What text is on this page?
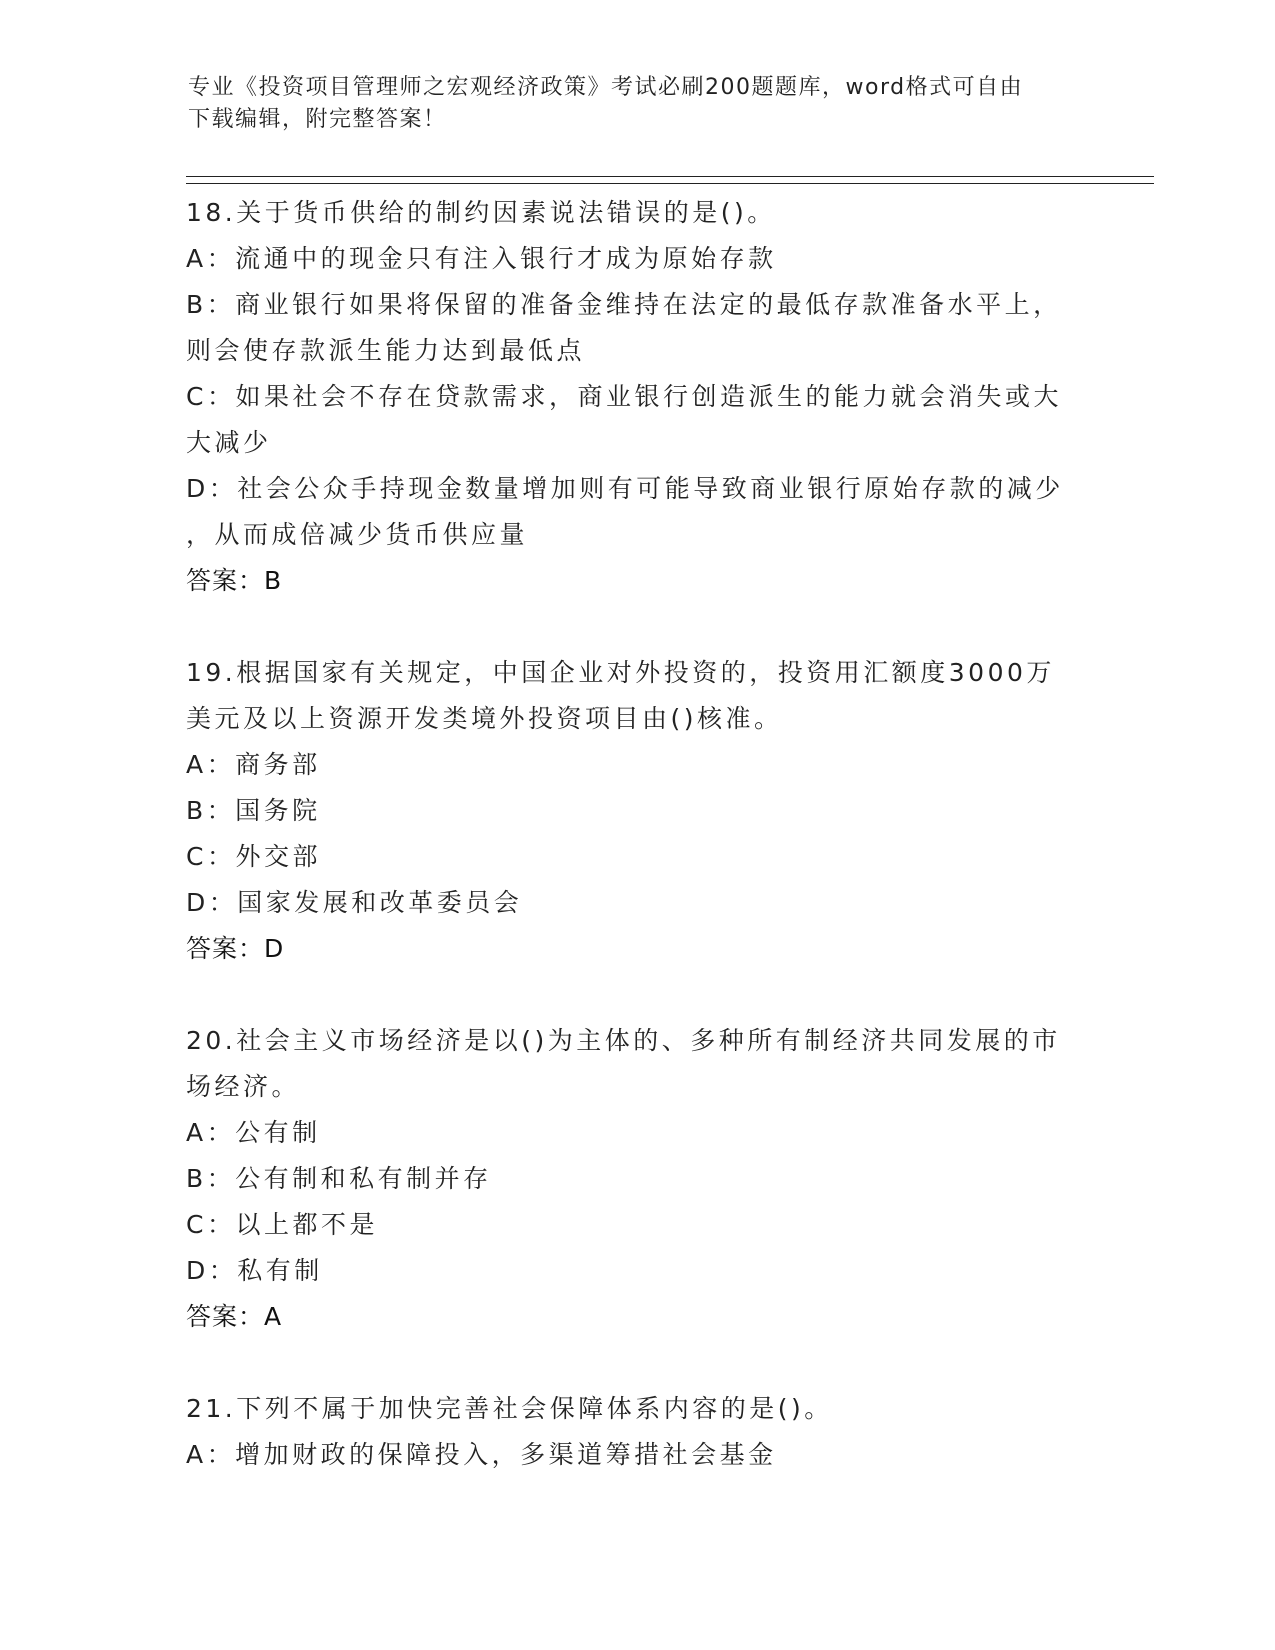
专业《投资项目管理师之宏观经济政策》考试必刷200题题库，word格式可自由
下载编辑，附完整答案！

18.关于货币供给的制约因素说法错误的是()。

A：流通中的现金只有注入银行才成为原始存款

B：商业银行如果将保留的准备金维持在法定的最低存款准备水平上，

则会使存款派生能力达到最低点

C：如果社会不存在贷款需求，商业银行创造派生的能力就会消失或大

大减少

D：社会公众手持现金数量增加则有可能导致商业银行原始存款的减少

，从而成倍减少货币供应量

答案：B

19.根据国家有关规定，中国企业对外投资的，投资用汇额度3000万

美元及以上资源开发类境外投资项目由()核准。

A：商务部

B：国务院

C：外交部

D：国家发展和改革委员会

答案：D

20.社会主义市场经济是以()为主体的、多种所有制经济共同发展的市

场经济。

A：公有制

B：公有制和私有制并存

C：以上都不是

D：私有制

答案：A

21.下列不属于加快完善社会保障体系内容的是()。

A：增加财政的保障投入，多渠道筹措社会基金
